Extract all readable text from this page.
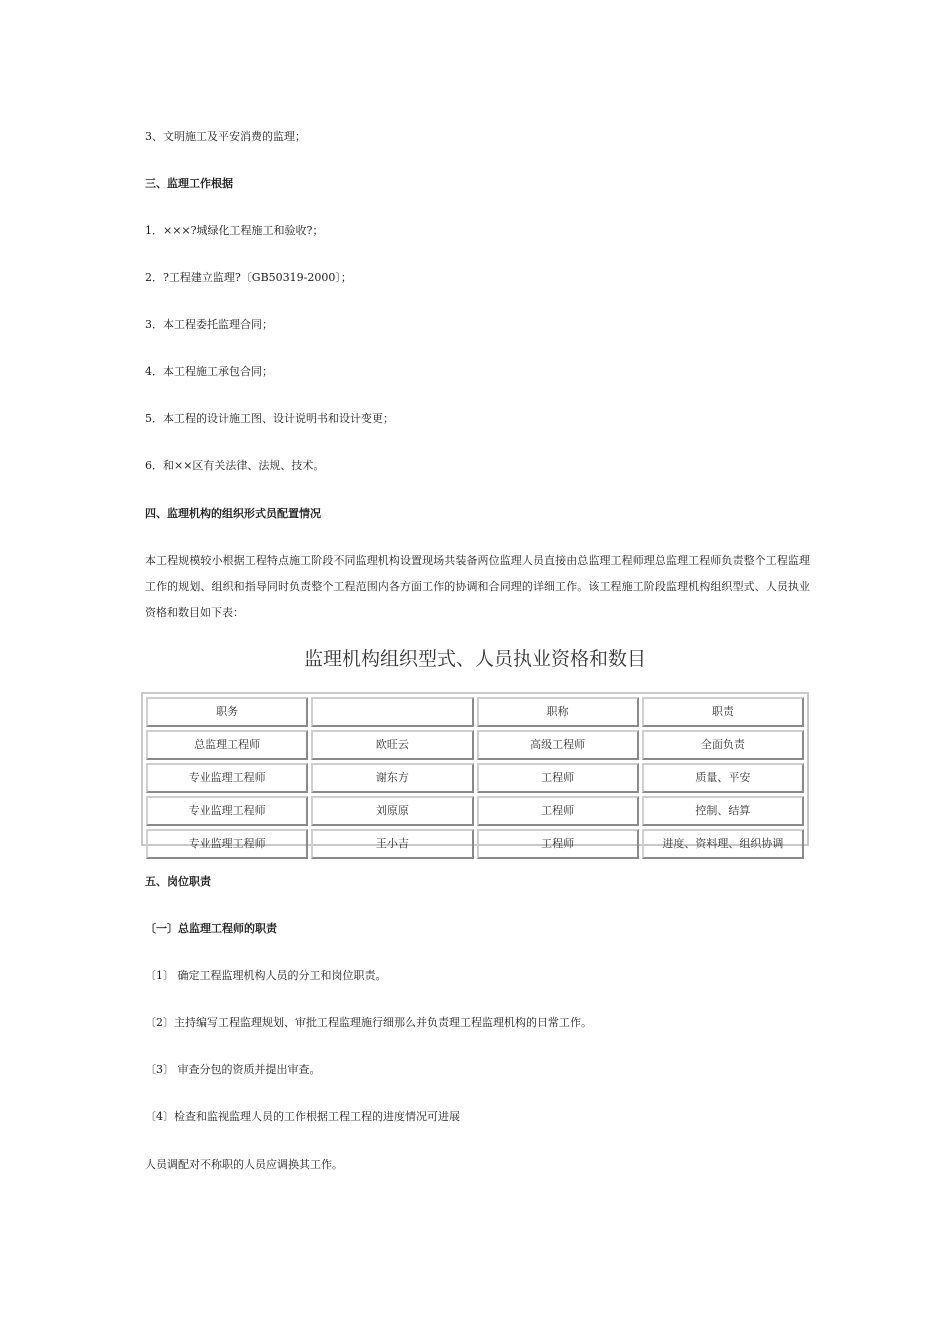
3、文明施工及平安消费的监理；
三、监理工作根据
1．×××?城绿化工程施工和验收?；
2．?工程建立监理?〔GB50319-2000〕；
3．本工程委托监理合同；
4．本工程施工承包合同；
5．本工程的设计施工图、设计说明书和设计变更；
6．和××区有关法律、法规、技术。
四、监理机构的组织形式员配置情况
本工程规模较小根据工程特点施工阶段不同监理机构设置现场共装备两位监理人员直接由总监理工程师理总监理工程师负责整个工程监理工作的规划、组织和指导同时负责整个工程范围内各方面工作的协调和合同理的详细工作。该工程施工阶段监理机构组织型式、人员执业资格和数目如下表：
监理机构组织型式、人员执业资格和数目
职务		职称	职责
总监理工程师	欧旺云	高级工程师	全面负责
专业监理工程师	谢东方	工程师	质量、平安
专业监理工程师	刘原原	工程师	控制、结算
专业监理工程师	王小吉	工程师	进度、资料理、组织协调
五、岗位职责
〔一〕总监理工程师的职责
〔1〕 确定工程监理机构人员的分工和岗位职责。
〔2〕主持编写工程监理规划、审批工程监理施行细那么并负责理工程监理机构的日常工作。
〔3〕 审查分包的资质并提出审查。
〔4〕检查和监视监理人员的工作根据工程工程的进度情况可进展
人员调配对不称职的人员应调换其工作。
